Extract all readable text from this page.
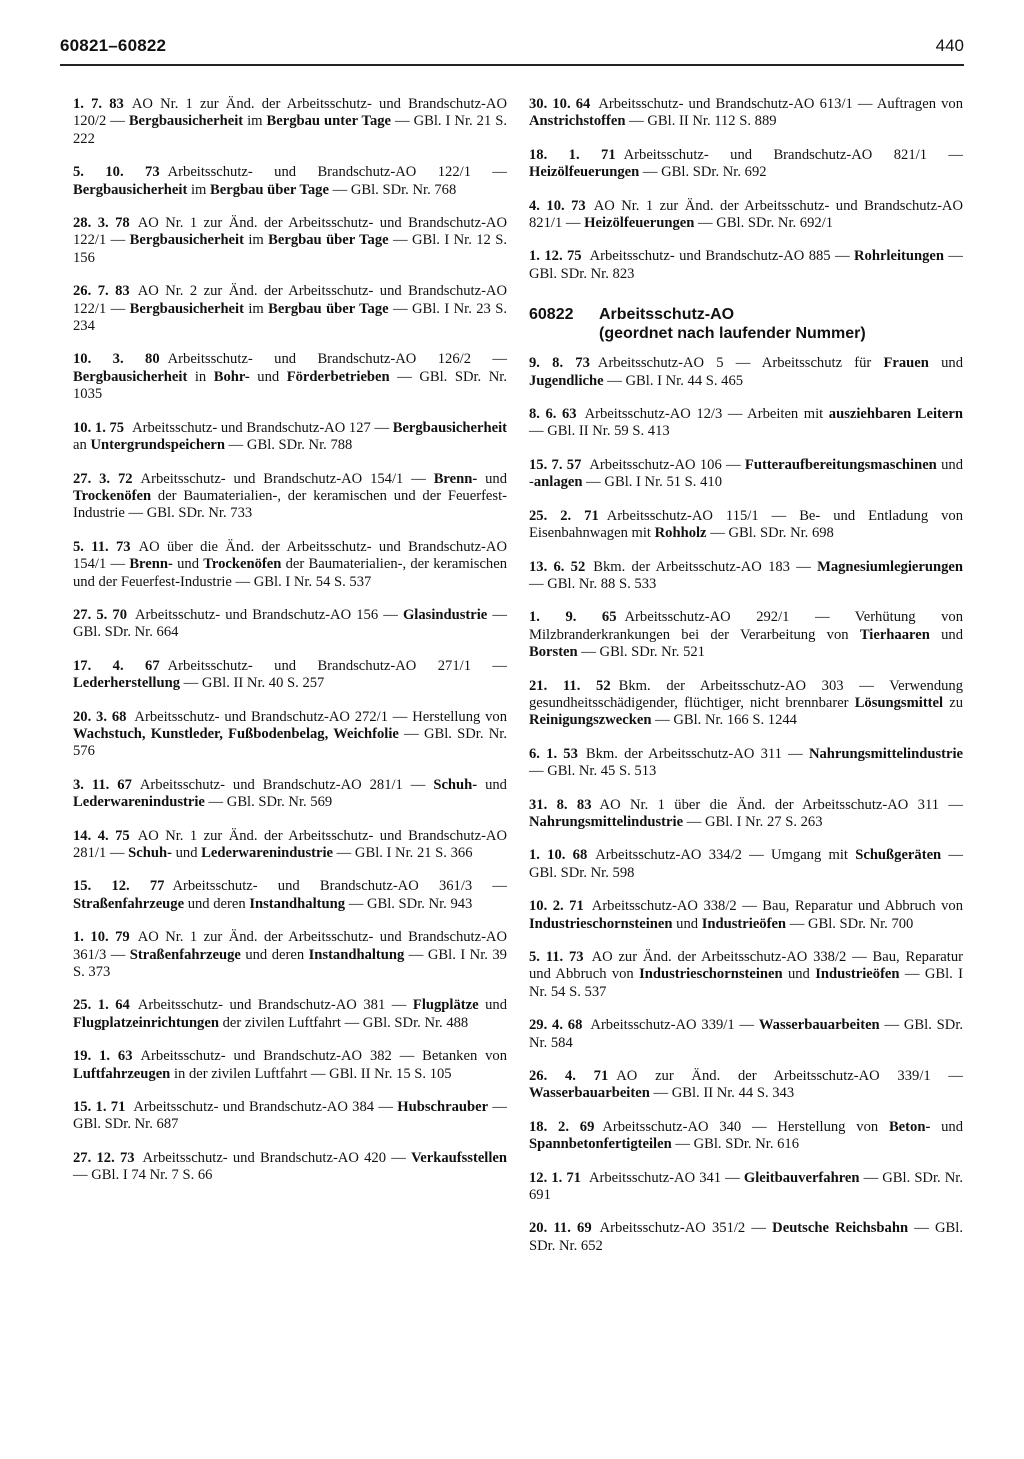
60821–60822	440

1. 7. 83 AO Nr. 1 zur Änd. der Arbeitsschutz- und Brandschutz-AO 120/2 — Bergbausicherheit im Bergbau unter Tage — GBl. I Nr. 21 S. 222

5. 10. 73 Arbeitsschutz- und Brandschutz-AO 122/1 — Bergbausicherheit im Bergbau über Tage — GBl. SDr. Nr. 768

28. 3. 78 AO Nr. 1 zur Änd. der Arbeitsschutz- und Brandschutz-AO 122/1 — Bergbausicherheit im Bergbau über Tage — GBl. I Nr. 12 S. 156

26. 7. 83 AO Nr. 2 zur Änd. der Arbeitsschutz- und Brandschutz-AO 122/1 — Bergbausicherheit im Bergbau über Tage — GBl. I Nr. 23 S. 234

10. 3. 80 Arbeitsschutz- und Brandschutz-AO 126/2 — Bergbausicherheit in Bohr- und Förderbetrieben — GBl. SDr. Nr. 1035

10. 1. 75 Arbeitsschutz- und Brandschutz-AO 127 — Bergbausicherheit an Untergrundspeichern — GBl. SDr. Nr. 788

27. 3. 72 Arbeitsschutz- und Brandschutz-AO 154/1 — Brenn- und Trockenöfen der Baumaterialien-, der keramischen und der Feuerfest-Industrie — GBl. SDr. Nr. 733

5. 11. 73 AO über die Änd. der Arbeitsschutz- und Brandschutz-AO 154/1 — Brenn- und Trockenöfen der Baumaterialien-, der keramischen und der Feuerfest-Industrie — GBl. I Nr. 54 S. 537

27. 5. 70 Arbeitsschutz- und Brandschutz-AO 156 — Glasindustrie — GBl. SDr. Nr. 664

17. 4. 67 Arbeitsschutz- und Brandschutz-AO 271/1 — Lederherstellung — GBl. II Nr. 40 S. 257

20. 3. 68 Arbeitsschutz- und Brandschutz-AO 272/1 — Herstellung von Wachstuch, Kunstleder, Fußbodenbelag, Weichfolie — GBl. SDr. Nr. 576

3. 11. 67 Arbeitsschutz- und Brandschutz-AO 281/1 — Schuh- und Lederwarenindustrie — GBl. SDr. Nr. 569

14. 4. 75 AO Nr. 1 zur Änd. der Arbeitsschutz- und Brandschutz-AO 281/1 — Schuh- und Lederwarenindustrie — GBl. I Nr. 21 S. 366

15. 12. 77 Arbeitsschutz- und Brandschutz-AO 361/3 — Straßenfahrzeuge und deren Instandhaltung — GBl. SDr. Nr. 943

1. 10. 79 AO Nr. 1 zur Änd. der Arbeitsschutz- und Brandschutz-AO 361/3 — Straßenfahrzeuge und deren Instandhaltung — GBl. I Nr. 39 S. 373

25. 1. 64 Arbeitsschutz- und Brandschutz-AO 381 — Flugplätze und Flugplatzeinrichtungen der zivilen Luftfahrt — GBl. SDr. Nr. 488

19. 1. 63 Arbeitsschutz- und Brandschutz-AO 382 — Betanken von Luftfahrzeugen in der zivilen Luftfahrt — GBl. II Nr. 15 S. 105

15. 1. 71 Arbeitsschutz- und Brandschutz-AO 384 — Hubschrauber — GBl. SDr. Nr. 687

27. 12. 73 Arbeitsschutz- und Brandschutz-AO 420 — Verkaufsstellen — GBl. I 74 Nr. 7 S. 66

30. 10. 64 Arbeitsschutz- und Brandschutz-AO 613/1 — Auftragen von Anstrichstoffen — GBl. II Nr. 112 S. 889

18. 1. 71 Arbeitsschutz- und Brandschutz-AO 821/1 — Heizölfeuerungen — GBl. SDr. Nr. 692

4. 10. 73 AO Nr. 1 zur Änd. der Arbeitsschutz- und Brandschutz-AO 821/1 — Heizölfeuerungen — GBl. SDr. Nr. 692/1

1. 12. 75 Arbeitsschutz- und Brandschutz-AO 885 — Rohrleitungen — GBl. SDr. Nr. 823

60822	Arbeitsschutz-AO
(geordnet nach laufender Nummer)

9. 8. 73 Arbeitsschutz-AO 5 — Arbeitsschutz für Frauen und Jugendliche — GBl. I Nr. 44 S. 465

8. 6. 63 Arbeitsschutz-AO 12/3 — Arbeiten mit ausziehbaren Leitern — GBl. II Nr. 59 S. 413

15. 7. 57 Arbeitsschutz-AO 106 — Futteraufbereitungsmaschinen und -anlagen — GBl. I Nr. 51 S. 410

25. 2. 71 Arbeitsschutz-AO 115/1 — Be- und Entladung von Eisenbahnwagen mit Rohholz — GBl. SDr. Nr. 698

13. 6. 52 Bkm. der Arbeitsschutz-AO 183 — Magnesiumlegierungen — GBl. Nr. 88 S. 533

1. 9. 65 Arbeitsschutz-AO 292/1 — Verhütung von Milzbranderkrankungen bei der Verarbeitung von Tierhaaren und Borsten — GBl. SDr. Nr. 521

21. 11. 52 Bkm. der Arbeitsschutz-AO 303 — Verwendung gesundheitsschädigender, flüchtiger, nicht brennbarer Lösungsmittel zu Reinigungszwecken — GBl. Nr. 166 S. 1244

6. 1. 53 Bkm. der Arbeitsschutz-AO 311 — Nahrungsmittelindustrie — GBl. Nr. 45 S. 513

31. 8. 83 AO Nr. 1 über die Änd. der Arbeitsschutz-AO 311 — Nahrungsmittelindustrie — GBl. I Nr. 27 S. 263

1. 10. 68 Arbeitsschutz-AO 334/2 — Umgang mit Schußgeräten — GBl. SDr. Nr. 598

10. 2. 71 Arbeitsschutz-AO 338/2 — Bau, Reparatur und Abbruch von Industrieschornsteinen und Industrieöfen — GBl. SDr. Nr. 700

5. 11. 73 AO zur Änd. der Arbeitsschutz-AO 338/2 — Bau, Reparatur und Abbruch von Industrieschornsteinen und Industrieöfen — GBl. I Nr. 54 S. 537

29. 4. 68 Arbeitsschutz-AO 339/1 — Wasserbauarbeiten — GBl. SDr. Nr. 584

26. 4. 71 AO zur Änd. der Arbeitsschutz-AO 339/1 — Wasserbauarbeiten — GBl. II Nr. 44 S. 343

18. 2. 69 Arbeitsschutz-AO 340 — Herstellung von Beton- und Spannbetonfertigteilen — GBl. SDr. Nr. 616

12. 1. 71 Arbeitsschutz-AO 341 — Gleitbauverfahren — GBl. SDr. Nr. 691

20. 11. 69 Arbeitsschutz-AO 351/2 — Deutsche Reichsbahn — GBl. SDr. Nr. 652
